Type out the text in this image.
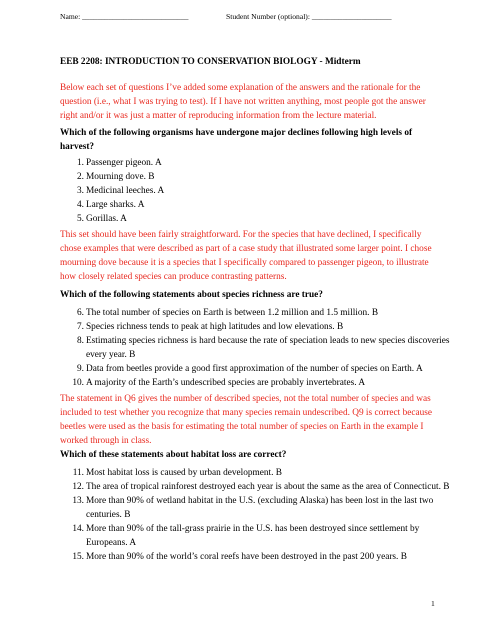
Name: ____________________________	Student Number (optional): _____________________
EEB 2208: INTRODUCTION TO CONSERVATION BIOLOGY - Midterm
Below each set of questions I’ve added some explanation of the answers and the rationale for the question (i.e., what I was trying to test). If I have not written anything, most people got the answer right and/or it was just a matter of reproducing information from the lecture material.
Which of the following organisms have undergone major declines following high levels of harvest?
1. Passenger pigeon. A
2. Mourning dove. B
3. Medicinal leeches. A
4. Large sharks. A
5. Gorillas. A
This set should have been fairly straightforward. For the species that have declined, I specifically chose examples that were described as part of a case study that illustrated some larger point. I chose mourning dove because it is a species that I specifically compared to passenger pigeon, to illustrate how closely related species can produce contrasting patterns.
Which of the following statements about species richness are true?
6. The total number of species on Earth is between 1.2 million and 1.5 million. B
7. Species richness tends to peak at high latitudes and low elevations. B
8. Estimating species richness is hard because the rate of speciation leads to new species discoveries every year. B
9. Data from beetles provide a good first approximation of the number of species on Earth. A
10. A majority of the Earth’s undescribed species are probably invertebrates. A
The statement in Q6 gives the number of described species, not the total number of species and was included to test whether you recognize that many species remain undescribed. Q9 is correct because beetles were used as the basis for estimating the total number of species on Earth in the example I worked through in class.
Which of these statements about habitat loss are correct?
11. Most habitat loss is caused by urban development. B
12. The area of tropical rainforest destroyed each year is about the same as the area of Connecticut. B
13. More than 90% of wetland habitat in the U.S. (excluding Alaska) has been lost in the last two centuries. B
14. More than 90% of the tall-grass prairie in the U.S. has been destroyed since settlement by Europeans. A
15. More than 90% of the world’s coral reefs have been destroyed in the past 200 years. B
1
